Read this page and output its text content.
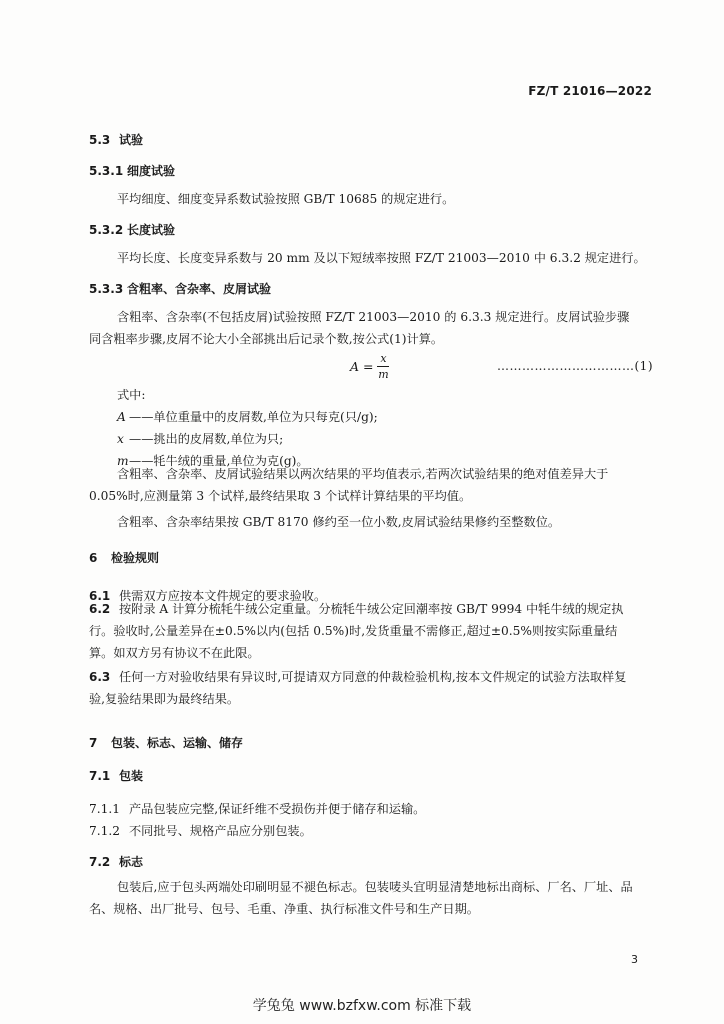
FZ/T 21016—2022
5.3 试验
5.3.1 细度试验
平均细度、细度变异系数试验按照 GB/T 10685 的规定进行。
5.3.2 长度试验
平均长度、长度变异系数与 20 mm 及以下短绒率按照 FZ/T 21003—2010 中 6.3.2 规定进行。
5.3.3 含粗率、含杂率、皮屑试验
含粗率、含杂率(不包括皮屑)试验按照 FZ/T 21003—2010 的 6.3.3 规定进行。皮屑试验步骤同含粗率步骤,皮屑不论大小全部挑出后记录个数,按公式(1)计算。
$A = \frac{x}{m}$	……………………………(1)
式中:
A ——单位重量中的皮屑数,单位为只每克(只/g);
x ——挑出的皮屑数,单位为只;
m——牦牛绒的重量,单位为克(g)。
含粗率、含杂率、皮屑试验结果以两次结果的平均值表示,若两次试验结果的绝对值差异大于 0.05%时,应测量第 3 个试样,最终结果取 3 个试样计算结果的平均值。
含粗率、含杂率结果按 GB/T 8170 修约至一位小数,皮屑试验结果修约至整数位。
6 检验规则
6.1 供需双方应按本文件规定的要求验收。
6.2 按附录 A 计算分梳牦牛绒公定重量。分梳牦牛绒公定回潮率按 GB/T 9994 中牦牛绒的规定执行。验收时,公量差异在±0.5%以内(包括 0.5%)时,发货重量不需修正,超过±0.5%则按实际重量结算。如双方另有协议不在此限。
6.3 任何一方对验收结果有异议时,可提请双方同意的仲裁检验机构,按本文件规定的试验方法取样复验,复验结果即为最终结果。
7 包装、标志、运输、储存
7.1 包装
7.1.1 产品包装应完整,保证纤维不受损伤并便于储存和运输。
7.1.2 不同批号、规格产品应分别包装。
7.2 标志
包装后,应于包头两端处印刷明显不褪色标志。包装唛头宜明显清楚地标出商标、厂名、厂址、品名、规格、出厂批号、包号、毛重、净重、执行标准文件号和生产日期。
3
学兔兔 www.bzfxw.com 标准下载
